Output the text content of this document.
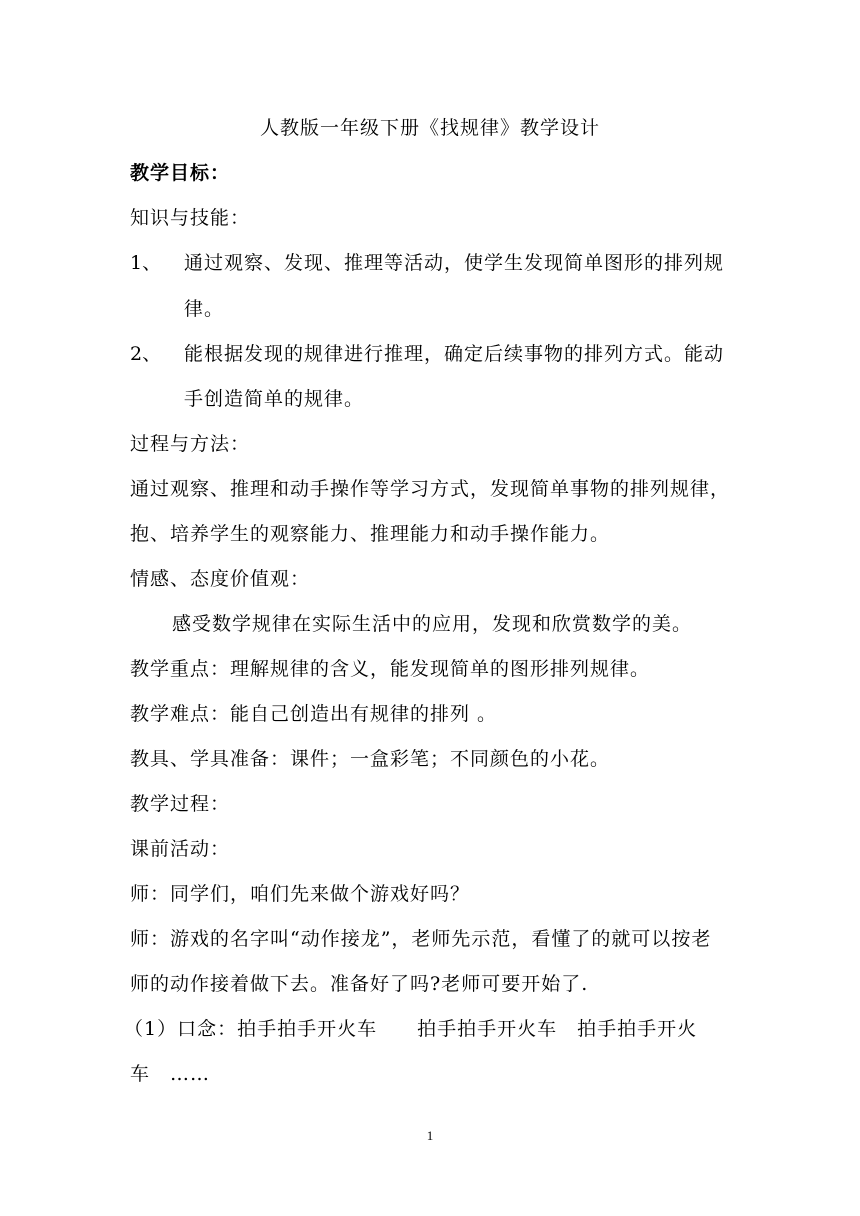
人教版一年级下册《找规律》教学设计
教学目标：
知识与技能：
1、 通过观察、发现、推理等活动，使学生发现简单图形的排列规
律。
2、 能根据发现的规律进行推理，确定后续事物的排列方式。能动
手创造简单的规律。
过程与方法：
通过观察、推理和动手操作等学习方式，发现简单事物的排列规律，
抱、培养学生的观察能力、推理能力和动手操作能力。
情感、态度价值观：
感受数学规律在实际生活中的应用，发现和欣赏数学的美。
教学重点：理解规律的含义，能发现简单的图形排列规律。
教学难点：能自己创造出有规律的排列 。
教具、学具准备：课件；一盒彩笔；不同颜色的小花。
教学过程：
课前活动：
师：同学们，咱们先来做个游戏好吗？
师：游戏的名字叫“动作接龙”，老师先示范，看懂了的就可以按老
师的动作接着做下去。准备好了吗?老师可要开始了.
（1）口念：拍手拍手开火车　　拍手拍手开火车　拍手拍手开火
车　……
1
